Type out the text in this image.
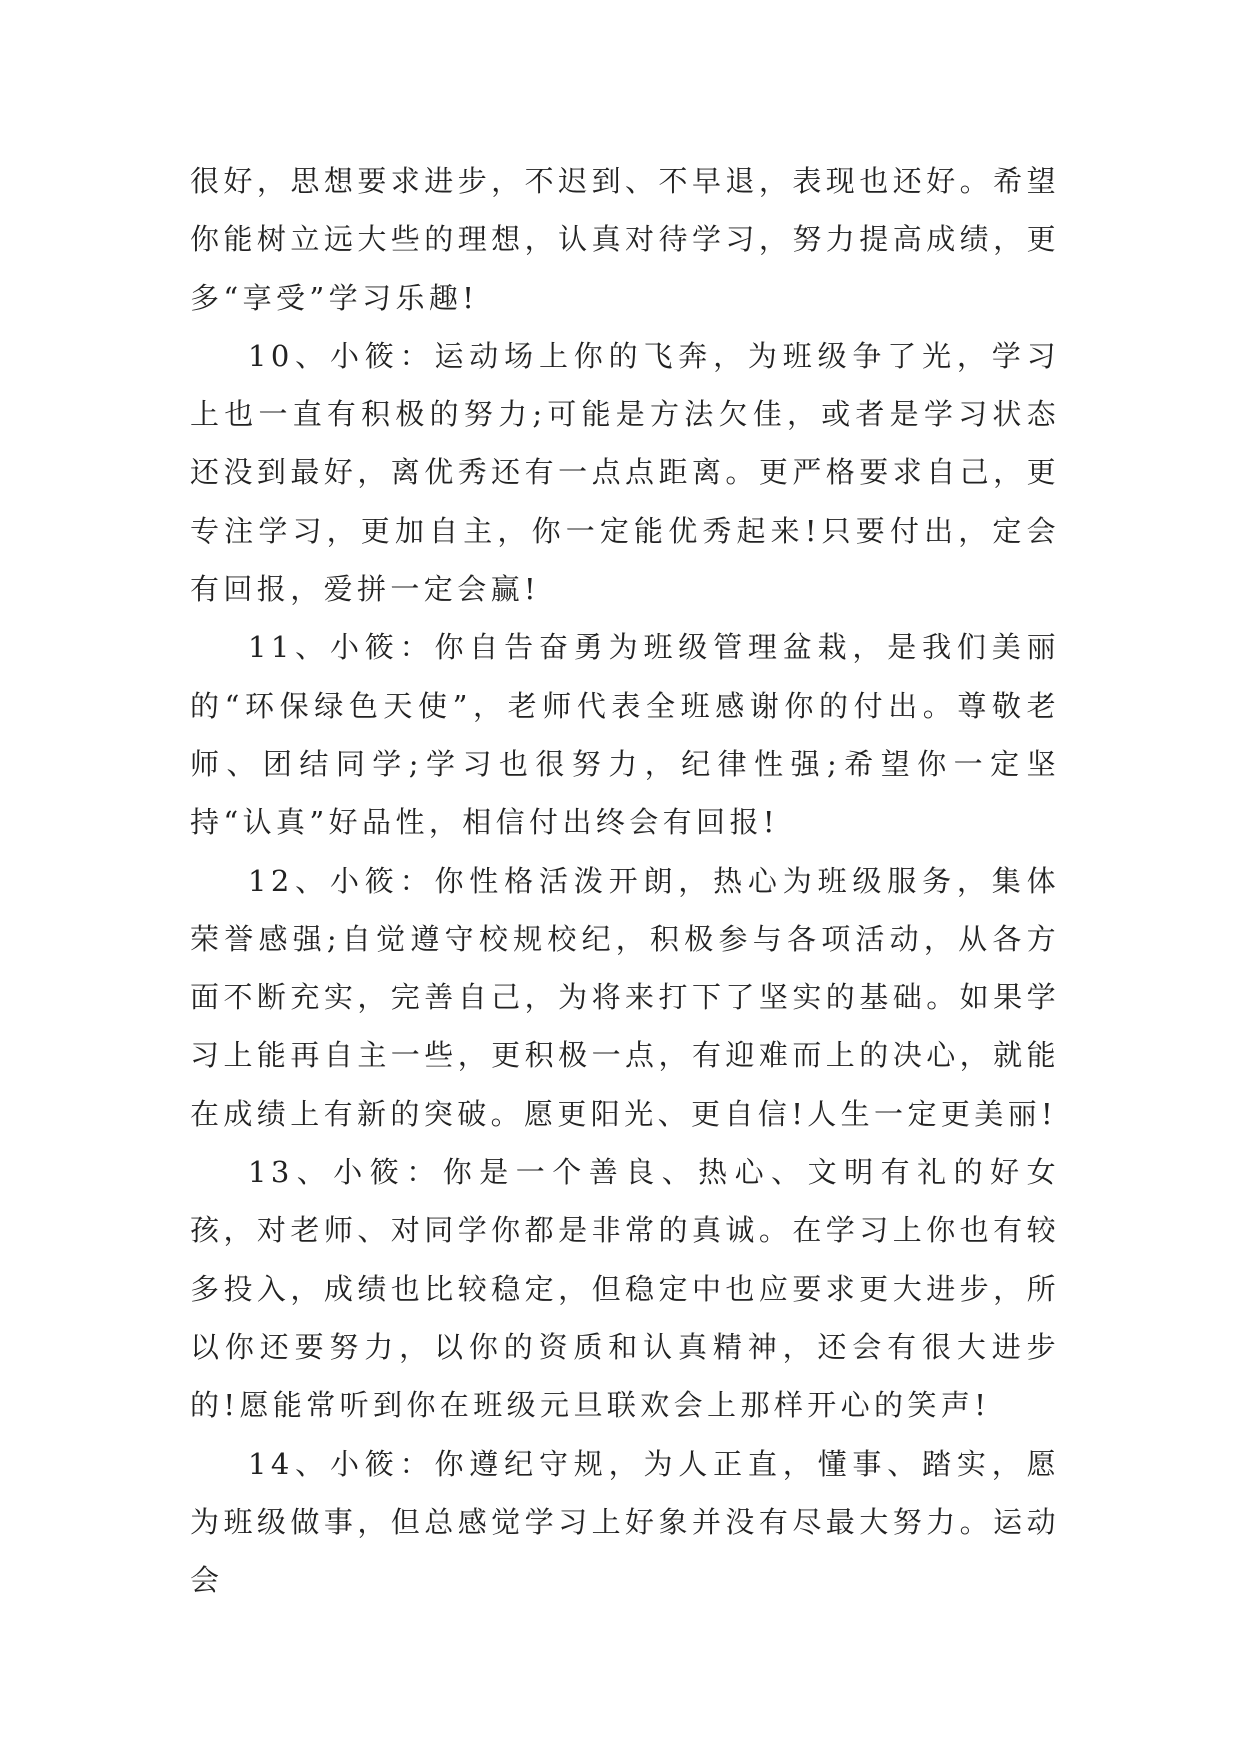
很好，思想要求进步，不迟到、不早退，表现也还好。希望你能树立远大些的理想，认真对待学习，努力提高成绩，更多“享受”学习乐趣!

10、小筱：运动场上你的飞奔，为班级争了光，学习上也一直有积极的努力;可能是方法欠佳，或者是学习状态还没到最好，离优秀还有一点点距离。更严格要求自己，更专注学习，更加自主，你一定能优秀起来!只要付出，定会有回报，爱拼一定会赢!

11、小筱：你自告奋勇为班级管理盆栽，是我们美丽的“环保绿色天使”，老师代表全班感谢你的付出。尊敬老师、团结同学;学习也很努力，纪律性强;希望你一定坚持“认真”好品性，相信付出终会有回报!

12、小筱：你性格活泼开朗，热心为班级服务，集体荣誉感强;自觉遵守校规校纪，积极参与各项活动，从各方面不断充实，完善自己，为将来打下了坚实的基础。如果学习上能再自主一些，更积极一点，有迎难而上的决心，就能在成绩上有新的突破。愿更阳光、更自信!人生一定更美丽!

13、小筱：你是一个善良、热心、文明有礼的好女孩，对老师、对同学你都是非常的真诚。在学习上你也有较多投入，成绩也比较稳定，但稳定中也应要求更大进步，所以你还要努力，以你的资质和认真精神，还会有很大进步的!愿能常听到你在班级元旦联欢会上那样开心的笑声!

14、小筱：你遵纪守规，为人正直，懂事、踏实，愿为班级做事，但总感觉学习上好象并没有尽最大努力。运动会
